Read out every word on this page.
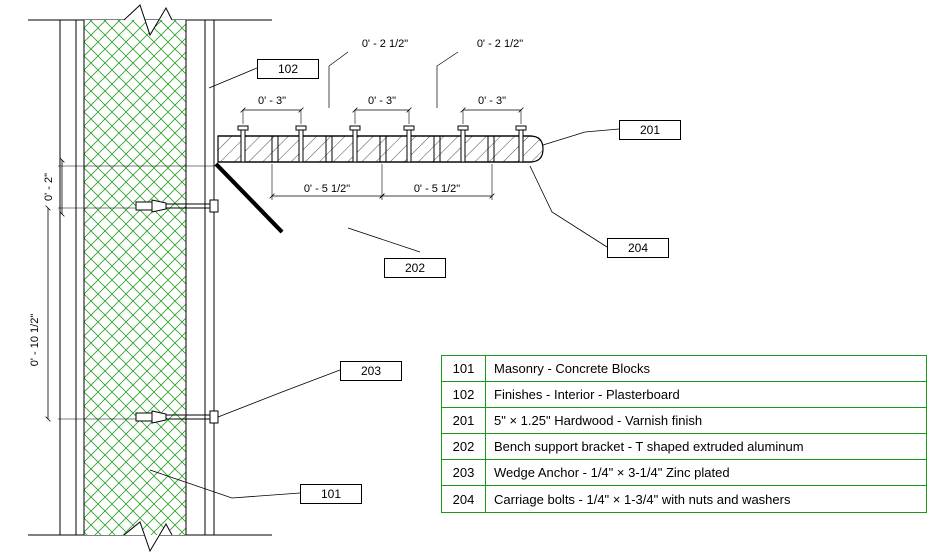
0' - 2"
0' - 10 1/2"
0' - 3"	0' - 3"	0' - 3"
0' - 2 1/2"	0' - 2 1/2"
0' - 5 1/2"	0' - 5 1/2"
102
201
202
204
203
101
101	Masonry - Concrete Blocks
102	Finishes - Interior - Plasterboard
201	5" × 1.25" Hardwood - Varnish finish
202	Bench support bracket - T shaped extruded aluminum
203	Wedge Anchor - 1/4" × 3-1/4" Zinc plated
204	Carriage bolts - 1/4" × 1-3/4" with nuts and washers
